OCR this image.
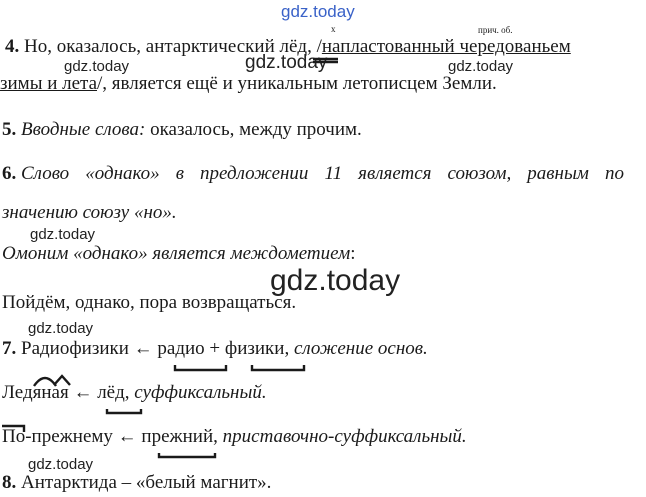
gdz.today
x	прич. об.
4. Но, оказалось, антарктический лёд, /напластованный чередованьем
gdz.today	gdz.today	gdz.today
зимы и лета/, является ещё и уникальным летописцем Земли.
5. Вводные слова: оказалось, между прочим.
6. Слово «однако» в предложении 11 является союзом, равным по
значению союзу «но».
gdz.today
Омоним «однако» является междометием:
gdz.today
Пойдём, однако, пора возвращаться.
gdz.today
7. Радиофизики ← радио + физики, сложение основ.
Ледяная ← лёд, суффиксальный.
По-прежнему ← прежний, приставочно-суффиксальный.
gdz.today
8. Антарктида – «белый магнит».
